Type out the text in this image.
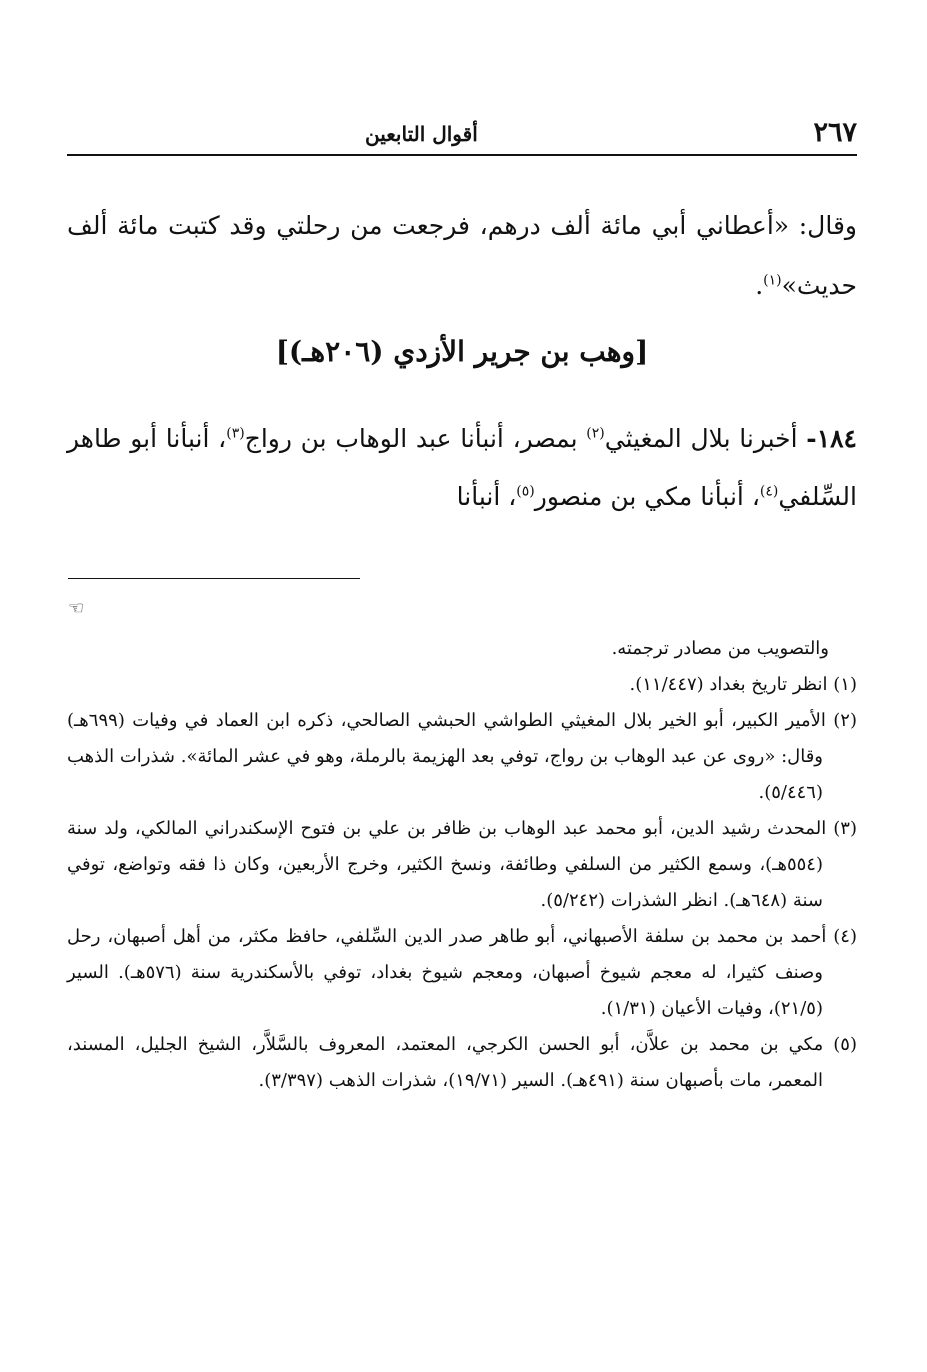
٢٦٧
أقوال التابعين

وقال: «أعطاني أبي مائة ألف درهم، فرجعت من رحلتي وقد كتبت مائة ألف حديث»$^{(١)}$.

[وهب بن جرير الأزدي (٢٠٦هـ)]

١٨٤- أخبرنا بلال المغيثي$^{(٢)}$ بمصر، أنبأنا عبد الوهاب بن رواج$^{(٣)}$، أنبأنا أبو طاهر السِّلفي$^{(٤)}$، أنبأنا مكي بن منصور$^{(٥)}$، أنبأنا

☜

والتصويب من مصادر ترجمته.

(١) انظر تاريخ بغداد (١١/٤٤٧).

(٢) الأمير الكبير، أبو الخير بلال المغيثي الطواشي الحبشي الصالحي، ذكره ابن العماد في وفيات (٦٩٩هـ) وقال: «روى عن عبد الوهاب بن رواج، توفي بعد الهزيمة بالرملة، وهو في عشر المائة». شذرات الذهب (٥/٤٤٦).

(٣) المحدث رشيد الدين، أبو محمد عبد الوهاب بن ظافر بن علي بن فتوح الإسكندراني المالكي، ولد سنة (٥٥٤هـ)، وسمع الكثير من السلفي وطائفة، ونسخ الكثير، وخرج الأربعين، وكان ذا فقه وتواضع، توفي سنة (٦٤٨هـ). انظر الشذرات (٥/٢٤٢).

(٤) أحمد بن محمد بن سلفة الأصبهاني، أبو طاهر صدر الدين السِّلفي، حافظ مكثر، من أهل أصبهان، رحل وصنف كثيرا، له معجم شيوخ أصبهان، ومعجم شيوخ بغداد، توفي بالأسكندرية سنة (٥٧٦هـ). السير (٢١/٥)، وفيات الأعيان (١/٣١).

(٥) مكي بن محمد بن علاَّن، أبو الحسن الكرجي، المعتمد، المعروف بالسَّلاَّر، الشيخ الجليل، المسند، المعمر، مات بأصبهان سنة (٤٩١هـ). السير (١٩/٧١)، شذرات الذهب (٣/٣٩٧).
